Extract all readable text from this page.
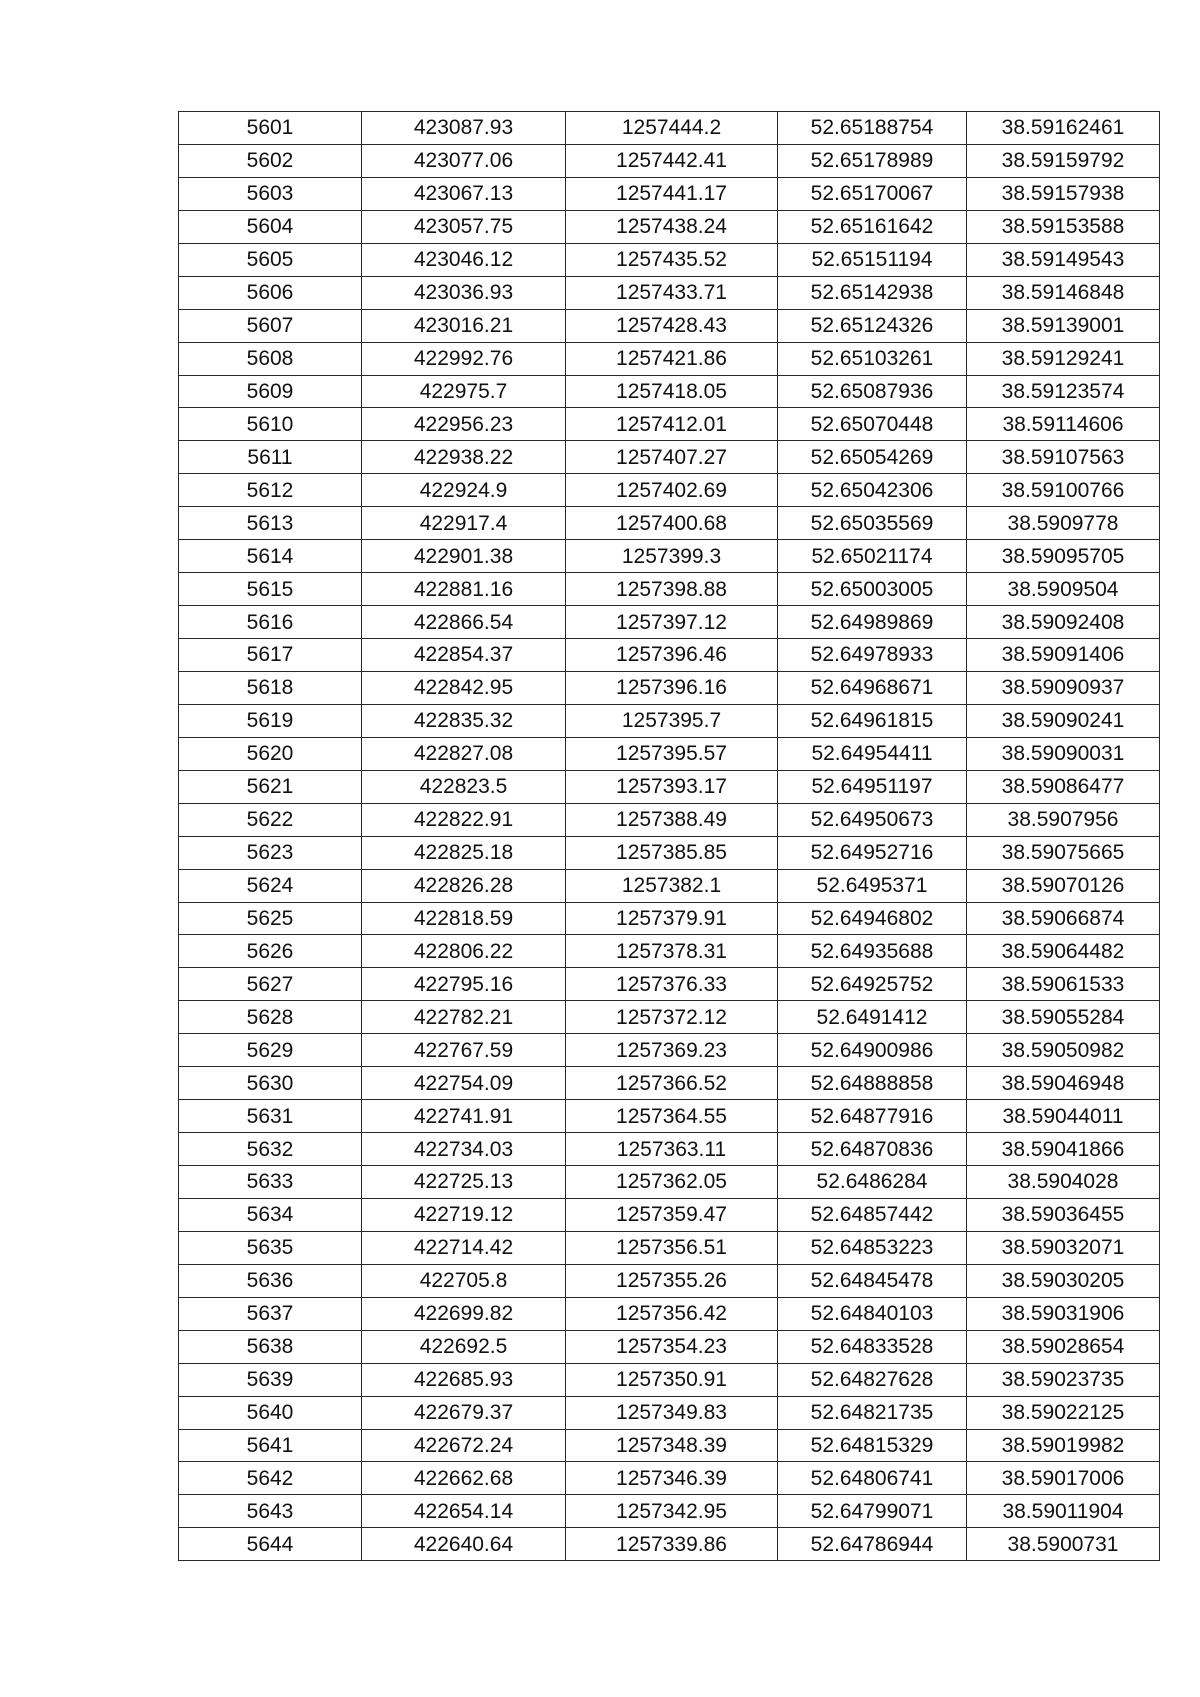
5601	423087.93	1257444.2	52.65188754	38.59162461
5602	423077.06	1257442.41	52.65178989	38.59159792
5603	423067.13	1257441.17	52.65170067	38.59157938
5604	423057.75	1257438.24	52.65161642	38.59153588
5605	423046.12	1257435.52	52.65151194	38.59149543
5606	423036.93	1257433.71	52.65142938	38.59146848
5607	423016.21	1257428.43	52.65124326	38.59139001
5608	422992.76	1257421.86	52.65103261	38.59129241
5609	422975.7	1257418.05	52.65087936	38.59123574
5610	422956.23	1257412.01	52.65070448	38.59114606
5611	422938.22	1257407.27	52.65054269	38.59107563
5612	422924.9	1257402.69	52.65042306	38.59100766
5613	422917.4	1257400.68	52.65035569	38.5909778
5614	422901.38	1257399.3	52.65021174	38.59095705
5615	422881.16	1257398.88	52.65003005	38.5909504
5616	422866.54	1257397.12	52.64989869	38.59092408
5617	422854.37	1257396.46	52.64978933	38.59091406
5618	422842.95	1257396.16	52.64968671	38.59090937
5619	422835.32	1257395.7	52.64961815	38.59090241
5620	422827.08	1257395.57	52.64954411	38.59090031
5621	422823.5	1257393.17	52.64951197	38.59086477
5622	422822.91	1257388.49	52.64950673	38.5907956
5623	422825.18	1257385.85	52.64952716	38.59075665
5624	422826.28	1257382.1	52.6495371	38.59070126
5625	422818.59	1257379.91	52.64946802	38.59066874
5626	422806.22	1257378.31	52.64935688	38.59064482
5627	422795.16	1257376.33	52.64925752	38.59061533
5628	422782.21	1257372.12	52.6491412	38.59055284
5629	422767.59	1257369.23	52.64900986	38.59050982
5630	422754.09	1257366.52	52.64888858	38.59046948
5631	422741.91	1257364.55	52.64877916	38.59044011
5632	422734.03	1257363.11	52.64870836	38.59041866
5633	422725.13	1257362.05	52.6486284	38.5904028
5634	422719.12	1257359.47	52.64857442	38.59036455
5635	422714.42	1257356.51	52.64853223	38.59032071
5636	422705.8	1257355.26	52.64845478	38.59030205
5637	422699.82	1257356.42	52.64840103	38.59031906
5638	422692.5	1257354.23	52.64833528	38.59028654
5639	422685.93	1257350.91	52.64827628	38.59023735
5640	422679.37	1257349.83	52.64821735	38.59022125
5641	422672.24	1257348.39	52.64815329	38.59019982
5642	422662.68	1257346.39	52.64806741	38.59017006
5643	422654.14	1257342.95	52.64799071	38.59011904
5644	422640.64	1257339.86	52.64786944	38.5900731
